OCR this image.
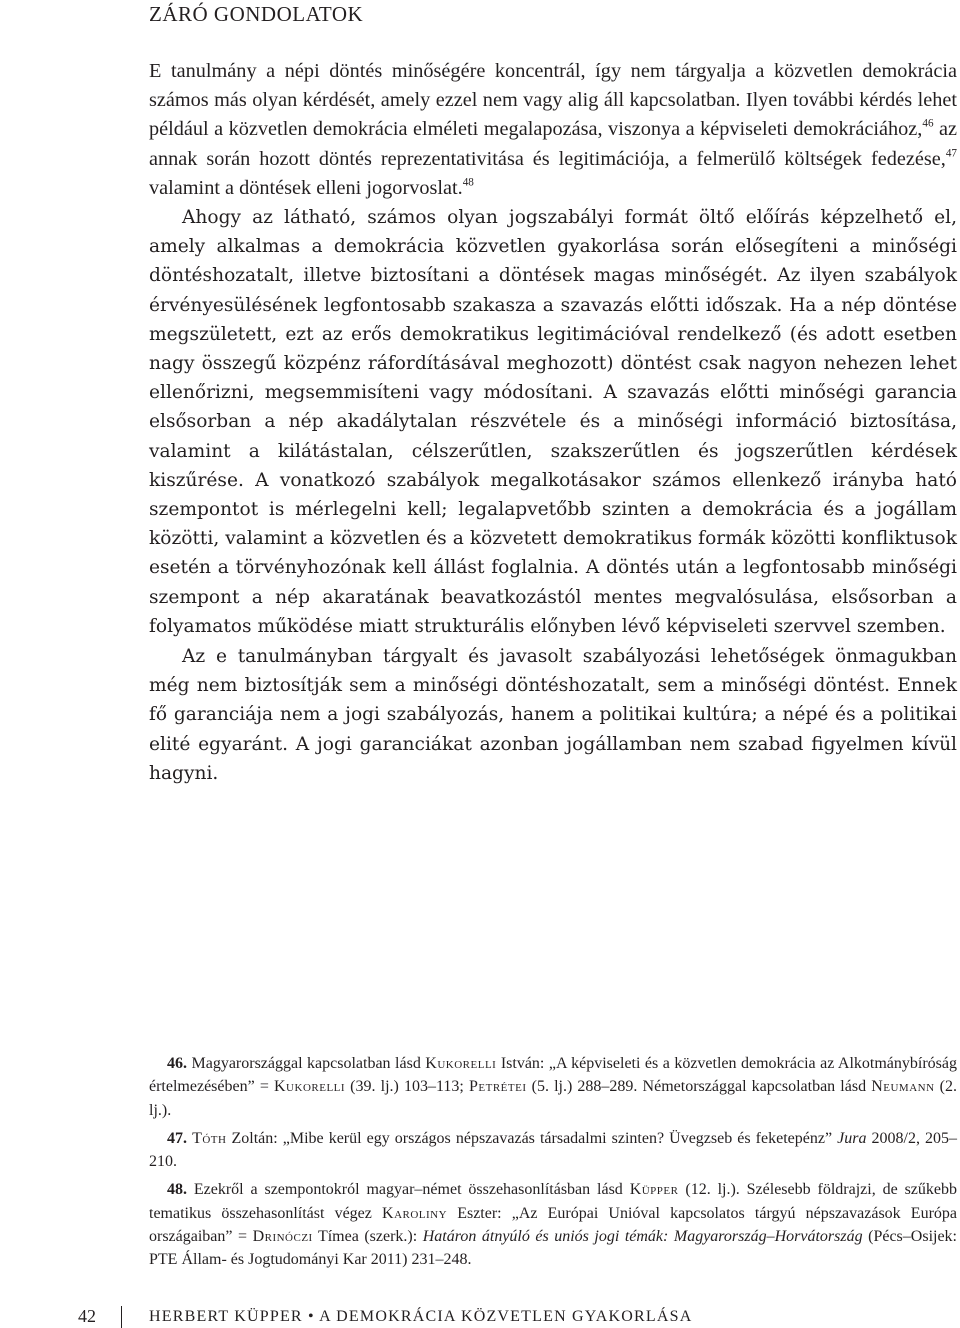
ZÁRÓ GONDOLATOK

E tanulmány a népi döntés minőségére koncentrál, így nem tárgyalja a közvetlen demokrácia számos más olyan kérdését, amely ezzel nem vagy alig áll kapcsolatban. Ilyen további kérdés lehet például a közvetlen demokrácia elméleti megalapozása, viszonya a képviseleti demokráciához,$^{46}$ az annak során hozott döntés reprezentativitása és legitimációja, a felmerülő költségek fedezése,$^{47}$ valamint a döntések elleni jogorvoslat.$^{48}$

Ahogy az látható, számos olyan jogszabályi formát öltő előírás képzelhető el, amely alkalmas a demokrácia közvetlen gyakorlása során elősegíteni a minőségi döntéshozatalt, illetve biztosítani a döntések magas minőségét. Az ilyen szabályok érvényesülésének legfontosabb szakasza a szavazás előtti időszak. Ha a nép döntése megszületett, ezt az erős demokratikus legitimációval rendelkező (és adott esetben nagy összegű közpénz ráfordításával meghozott) döntést csak nagyon nehezen lehet ellenőrizni, megsemmisíteni vagy módosítani. A szavazás előtti minőségi garancia elsősorban a nép akadálytalan részvétele és a minőségi információ biztosítása, valamint a kilátástalan, célszerűtlen, szakszerűtlen és jogszerűtlen kérdések kiszűrése. A vonatkozó szabályok megalkotásakor számos ellenkező irányba ható szempontot is mérlegelni kell; legalapvetőbb szinten a demokrácia és a jogállam közötti, valamint a közvetlen és a közvetett demokratikus formák közötti konfliktusok esetén a törvényhozónak kell állást foglalnia. A döntés után a legfontosabb minőségi szempont a nép akaratának beavatkozástól mentes megvalósulása, elsősorban a folyamatos működése miatt strukturális előnyben lévő képviseleti szervvel szemben.

Az e tanulmányban tárgyalt és javasolt szabályozási lehetőségek önmagukban még nem biztosítják sem a minőségi döntéshozatalt, sem a minőségi döntést. Ennek fő garanciája nem a jogi szabályozás, hanem a politikai kultúra; a népé és a politikai elité egyaránt. A jogi garanciákat azonban jogállamban nem szabad figyelmen kívül hagyni.

46. Magyarországgal kapcsolatban lásd Kukorelli István: „A képviseleti és a közvetlen demokrácia az Alkotmánybíróság értelmezésében” = Kukorelli (39. lj.) 103–113; Petrétei (5. lj.) 288–289. Németországgal kapcsolatban lásd Neumann (2. lj.).

47. Tóth Zoltán: „Mibe kerül egy országos népszavazás társadalmi szinten? Üvegzseb és feketepénz” Jura 2008/2, 205–210.

48. Ezekről a szempontokról magyar–német összehasonlításban lásd Küpper (12. lj.). Szélesebb földrajzi, de szűkebb tematikus összehasonlítást végez Karoliny Eszter: „Az Európai Unióval kapcsolatos tárgyú népszavazások Európa országaiban” = Drinóczi Tímea (szerk.): Határon átnyúló és uniós jogi témák: Magyarország–Horvátország (Pécs–Osijek: PTE Állam- és Jogtudományi Kar 2011) 231–248.

42	HERBERT KÜPPER • A DEMOKRÁCIA KÖZVETLEN GYAKORLÁSA
